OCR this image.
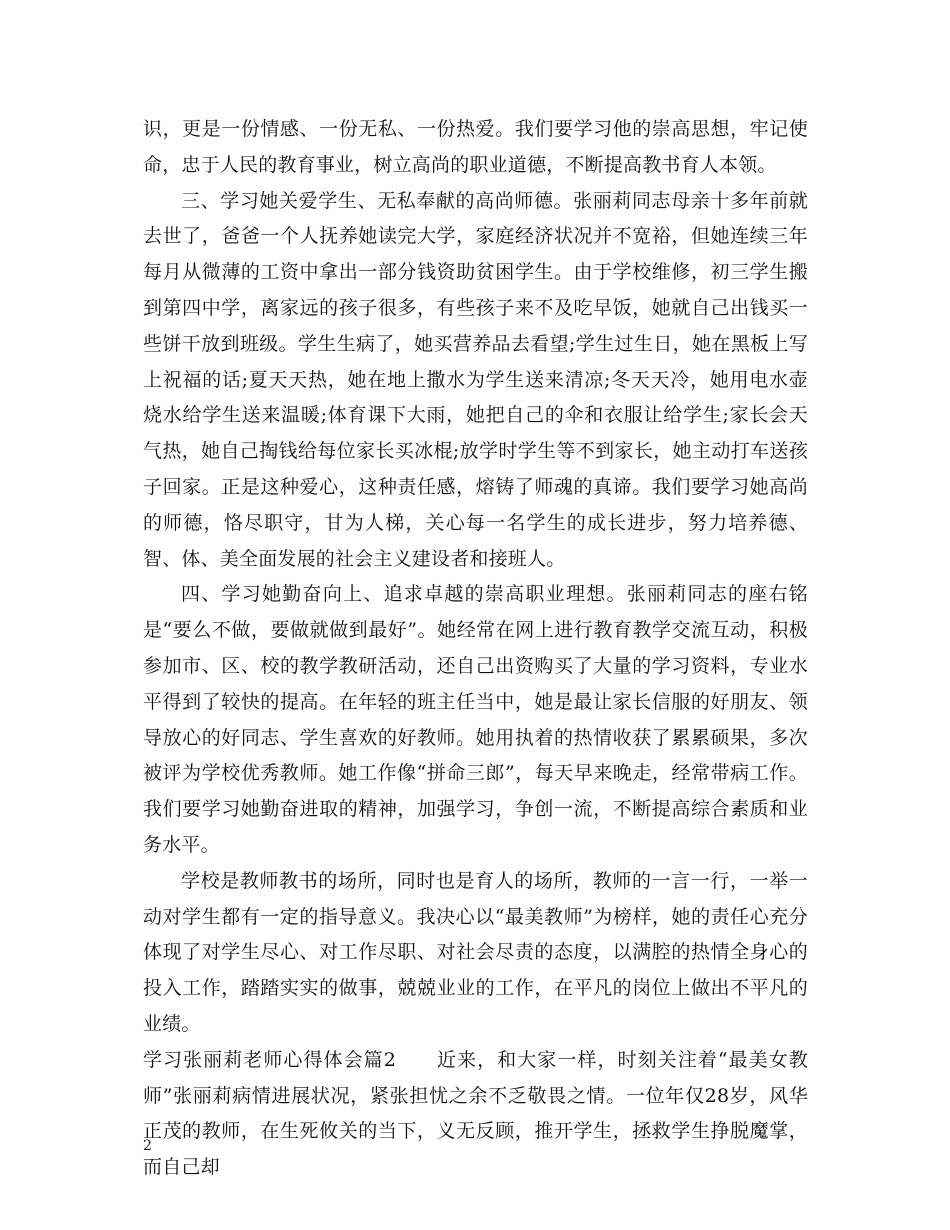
识，更是一份情感、一份无私、一份热爱。我们要学习他的崇高思想，牢记使命，忠于人民的教育事业，树立高尚的职业道德，不断提高教书育人本领。

三、学习她关爱学生、无私奉献的高尚师德。张丽莉同志母亲十多年前就去世了，爸爸一个人抚养她读完大学，家庭经济状况并不宽裕，但她连续三年每月从微薄的工资中拿出一部分钱资助贫困学生。由于学校维修，初三学生搬到第四中学，离家远的孩子很多，有些孩子来不及吃早饭，她就自己出钱买一些饼干放到班级。学生生病了，她买营养品去看望;学生过生日，她在黑板上写上祝福的话;夏天天热，她在地上撒水为学生送来清凉;冬天天冷，她用电水壶烧水给学生送来温暖;体育课下大雨，她把自己的伞和衣服让给学生;家长会天气热，她自己掏钱给每位家长买冰棍;放学时学生等不到家长，她主动打车送孩子回家。正是这种爱心，这种责任感，熔铸了师魂的真谛。我们要学习她高尚的师德，恪尽职守，甘为人梯，关心每一名学生的成长进步，努力培养德、智、体、美全面发展的社会主义建设者和接班人。

四、学习她勤奋向上、追求卓越的崇高职业理想。张丽莉同志的座右铭是“要么不做，要做就做到最好”。她经常在网上进行教育教学交流互动，积极参加市、区、校的教学教研活动，还自己出资购买了大量的学习资料，专业水平得到了较快的提高。在年轻的班主任当中，她是最让家长信服的好朋友、领导放心的好同志、学生喜欢的好教师。她用执着的热情收获了累累硕果，多次被评为学校优秀教师。她工作像“拼命三郎”，每天早来晚走，经常带病工作。我们要学习她勤奋进取的精神，加强学习，争创一流，不断提高综合素质和业务水平。

学校是教师教书的场所，同时也是育人的场所，教师的一言一行，一举一动对学生都有一定的指导意义。我决心以“最美教师”为榜样，她的责任心充分体现了对学生尽心、对工作尽职、对社会尽责的态度，以满腔的热情全身心的投入工作，踏踏实实的做事，兢兢业业的工作，在平凡的岗位上做出不平凡的业绩。

学习张丽莉老师心得体会篇2　　近来，和大家一样，时刻关注着“最美女教师”张丽莉病情进展状况，紧张担忧之余不乏敬畏之情。一位年仅28岁，风华正茂的教师，在生死攸关的当下，义无反顾，推开学生，拯救学生挣脱魔掌，而自己却

2
